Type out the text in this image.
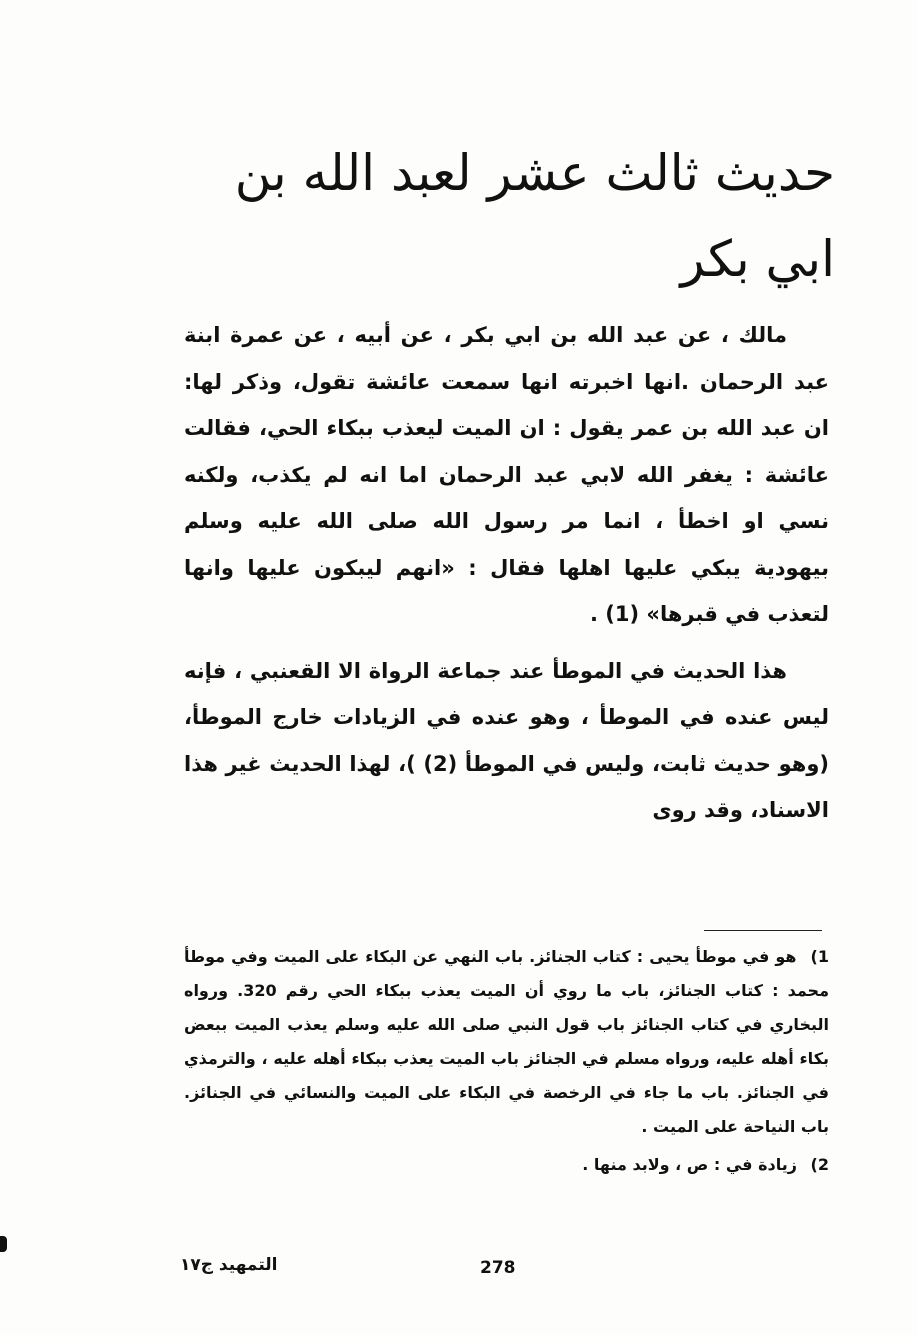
حديث ثالث عشر لعبد الله بن
ابي بكر

مالك ، عن عبد الله بن ابي بكر ، عن أبيه ، عن عمرة ابنة عبد الرحمان .انها اخبرته انها سمعت عائشة تقول، وذكر لها: ان عبد الله بن عمر يقول : ان الميت ليعذب ببكاء الحي، فقالت عائشة : يغفر الله لابي عبد الرحمان اما انه لم يكذب، ولكنه نسي او اخطأ ، انما مر رسول الله صلى الله عليه وسلم بيهودية يبكي عليها اهلها فقال : «انهم ليبكون عليها وانها لتعذب في قبرها» (1) .

هذا الحديث في الموطأ عند جماعة الرواة الا القعنبي ، فإنه ليس عنده في الموطأ ، وهو عنده في الزيادات خارج الموطأ، (وهو حديث ثابت، وليس في الموطأ (2) )، لهذا الحديث غير هذا الاسناد، وقد روى

1) هو في موطأ يحيى : كتاب الجنائز. باب النهي عن البكاء على الميت وفي موطأ محمد : كتاب الجنائز، باب ما روي أن الميت يعذب ببكاء الحي رقم 320. ورواه البخاري في كتاب الجنائز باب قول النبي صلى الله عليه وسلم يعذب الميت ببعض بكاء أهله عليه، ورواه مسلم في الجنائز باب الميت يعذب ببكاء أهله عليه ، والترمذي في الجنائز. باب ما جاء في الرخصة في البكاء على الميت والنسائي في الجنائز. باب النياحة على الميت .

2) زيادة في : ص ، ولابد منها .

التمهيد ج١٧	278
